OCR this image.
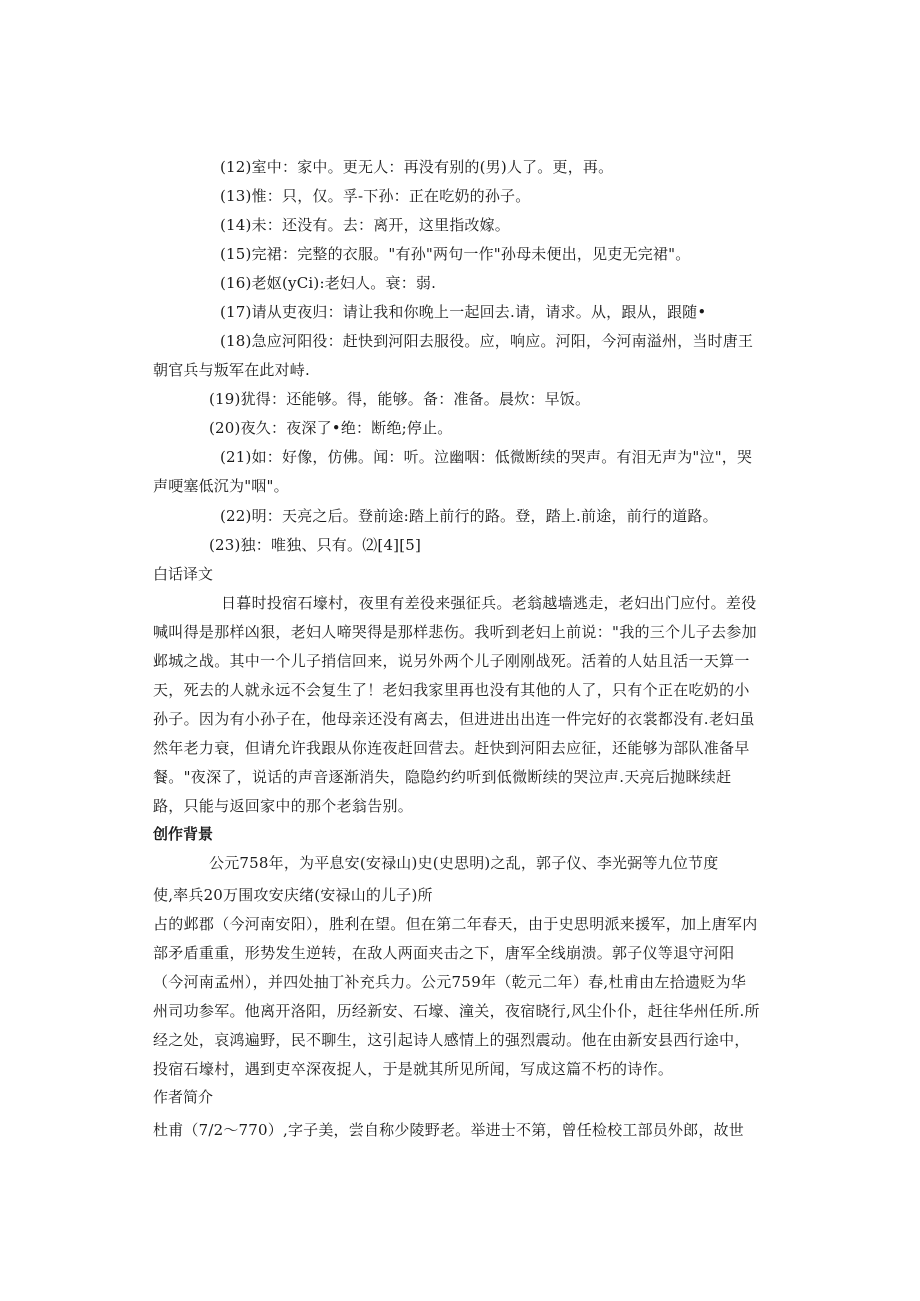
(12)室中：家中。更无人：再没有别的(男)人了。更，再。
(13)惟：只，仅。孚-下孙：正在吃奶的孙子。
(14)未：还没有。去：离开，这里指改嫁。
(15)完裙：完整的衣服。"有孙"两句一作"孙母未便出，见吏无完裙"。
(16)老妪(yCi):老妇人。衰：弱.
(17)请从吏夜归：请让我和你晚上一起回去.请，请求。从，跟从，跟随•
(18)急应河阳役：赶快到河阳去服役。应，响应。河阳，今河南溢州，当时唐王
朝官兵与叛军在此对峙.
(19)犹得：还能够。得，能够。备：准备。晨炊：早饭。
(20)夜久：夜深了•绝：断绝;停止。
(21)如：好像，仿佛。闻：听。泣幽咽：低微断续的哭声。有泪无声为"泣"，哭
声哽塞低沉为"咽"。
(22)明：天亮之后。登前途:踏上前行的路。登，踏上.前途，前行的道路。
(23)独：唯独、只有。⑵[4][5]
白话译文
日暮时投宿石壕村，夜里有差役来强征兵。老翁越墙逃走，老妇出门应付。差役喊叫得是那样凶狠，老妇人啼哭得是那样悲伤。我听到老妇上前说："我的三个儿子去参加邺城之战。其中一个儿子捎信回来，说另外两个儿子刚刚战死。活着的人姑且活一天算一天，死去的人就永远不会复生了！老妇我家里再也没有其他的人了，只有个正在吃奶的小孙子。因为有小孙子在，他母亲还没有离去，但进进出出连一件完好的衣裳都没有.老妇虽然年老力衰，但请允许我跟从你连夜赶回营去。赶快到河阳去应征，还能够为部队准备早餐。"夜深了，说话的声音逐渐消失，隐隐约约听到低微断续的哭泣声.天亮后抛眯续赶路，只能与返回家中的那个老翁告别。
创作背景
公元758年，为平息安(安禄山)史(史思明)之乱，郭子仪、李光弼等九位节度
使,率兵20万围攻安庆绪(安禄山的儿子)所
占的邺郡（今河南安阳），胜利在望。但在第二年春天，由于史思明派来援军，加上唐军内部矛盾重重，形势发生逆转，在敌人两面夹击之下，唐军全线崩溃。郭子仪等退守河阳（今河南孟州），并四处抽丁补充兵力。公元759年（乾元二年）春,杜甫由左拾遗贬为华州司功参军。他离开洛阳，历经新安、石壕、潼关，夜宿晓行,风尘仆仆，赶往华州任所.所经之处，哀鸿遍野，民不聊生，这引起诗人感情上的强烈震动。他在由新安县西行途中，投宿石壕村，遇到吏卒深夜捉人，于是就其所见所闻，写成这篇不朽的诗作。
作者简介
杜甫（7/2〜770）,字子美，尝自称少陵野老。举进士不第，曾任检校工部员外郎，故世
